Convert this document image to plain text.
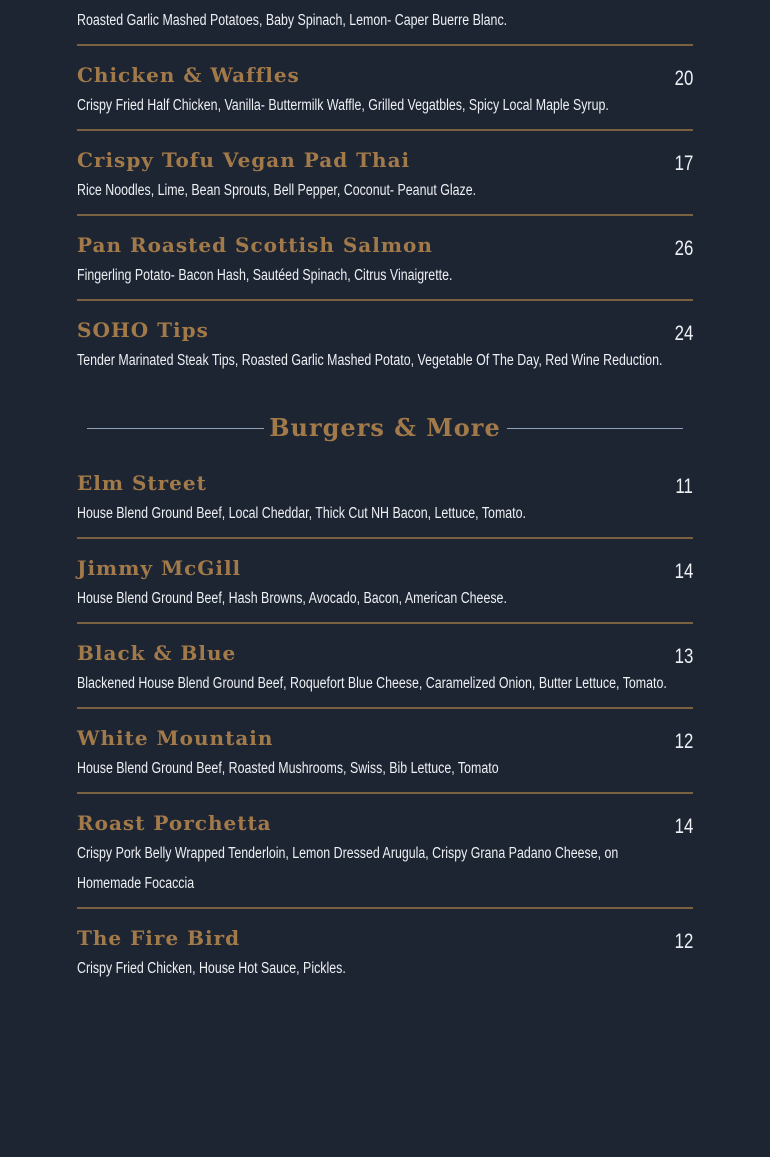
Roasted Garlic Mashed Potatoes, Baby Spinach, Lemon- Caper Buerre Blanc.
Chicken & Waffles	20
Crispy Fried Half Chicken, Vanilla- Buttermilk Waffle, Grilled Vegatbles, Spicy Local Maple Syrup.
Crispy Tofu Vegan Pad Thai	17
Rice Noodles, Lime, Bean Sprouts, Bell Pepper, Coconut- Peanut Glaze.
Pan Roasted Scottish Salmon	26
Fingerling Potato- Bacon Hash, Sautéed Spinach, Citrus Vinaigrette.
SOHO Tips	24
Tender Marinated Steak Tips, Roasted Garlic Mashed Potato, Vegetable Of The Day, Red Wine Reduction.
Burgers & More
Elm Street	11
House Blend Ground Beef, Local Cheddar, Thick Cut NH Bacon, Lettuce, Tomato.
Jimmy McGill	14
House Blend Ground Beef, Hash Browns, Avocado, Bacon, American Cheese.
Black & Blue	13
Blackened House Blend Ground Beef, Roquefort Blue Cheese, Caramelized Onion, Butter Lettuce, Tomato.
White Mountain	12
House Blend Ground Beef, Roasted Mushrooms, Swiss, Bib Lettuce, Tomato
Roast Porchetta	14
Crispy Pork Belly Wrapped Tenderloin, Lemon Dressed Arugula, Crispy Grana Padano Cheese, on Homemade Focaccia
The Fire Bird	12
Crispy Fried Chicken, House Hot Sauce, Pickles.
